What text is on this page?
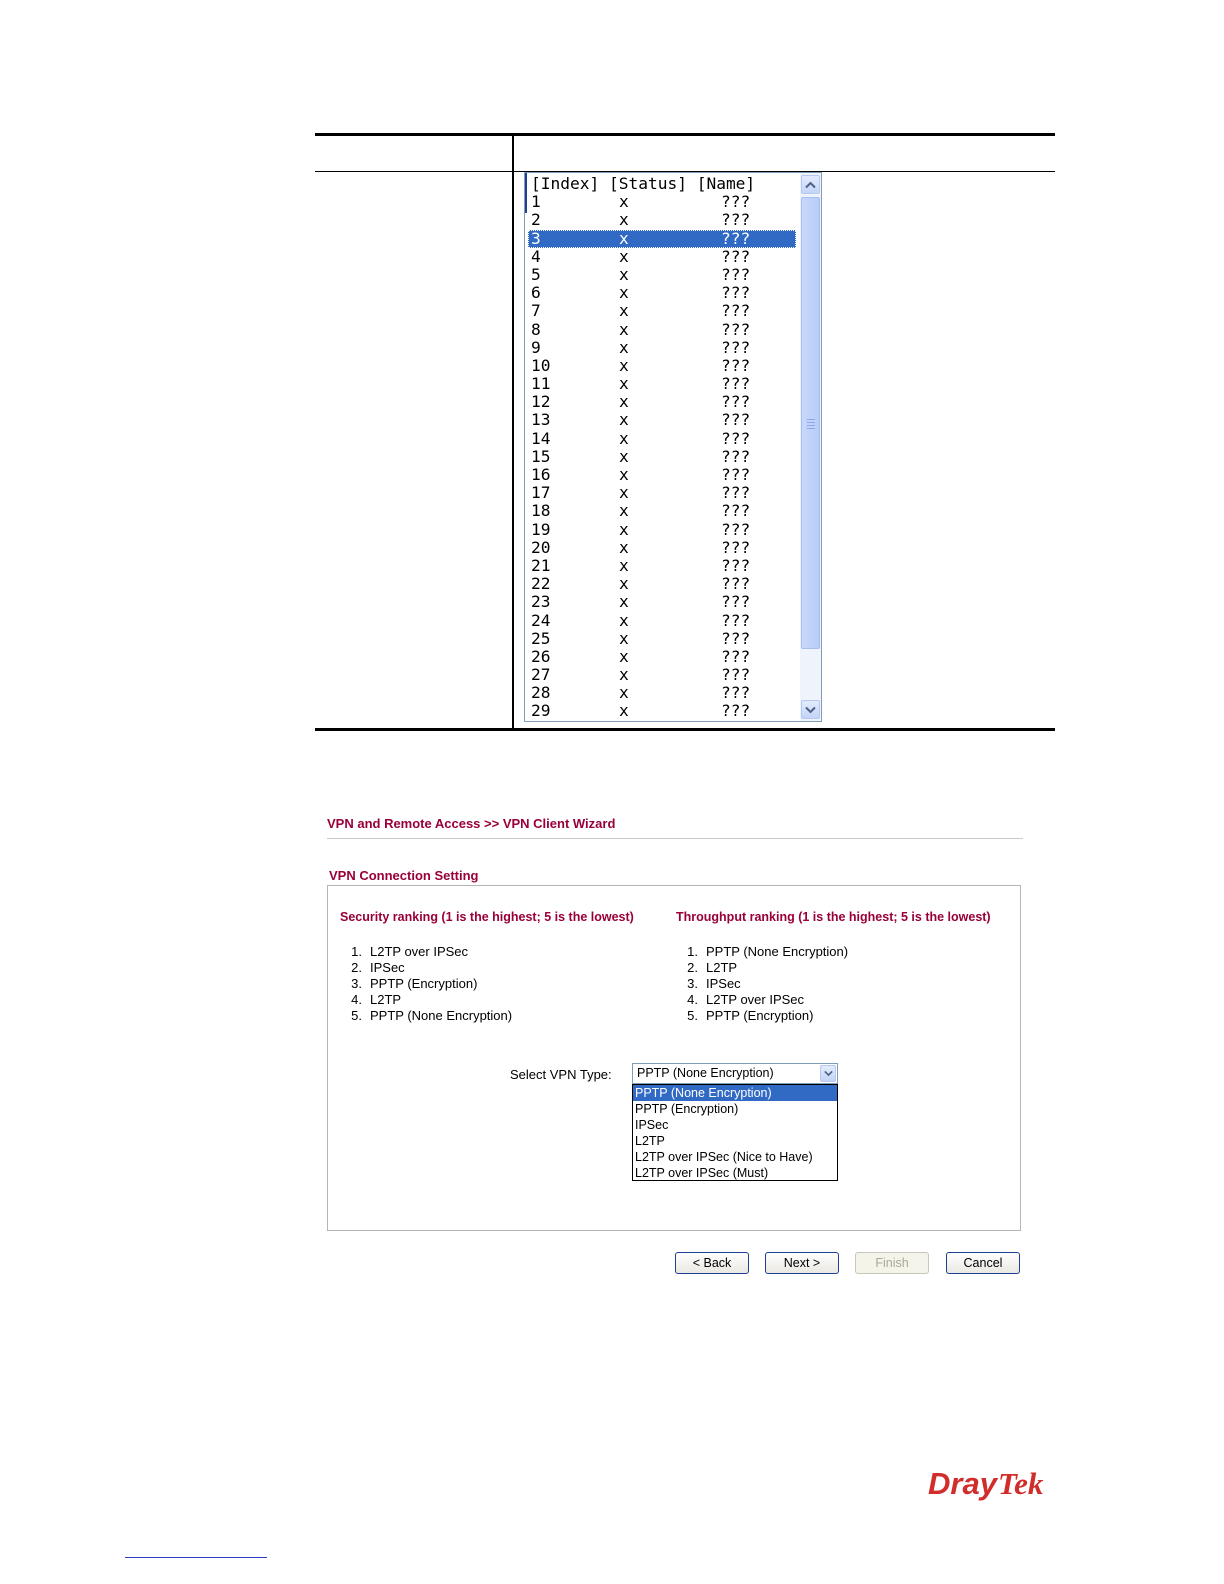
[Index] [Status] [Name]
1	x	???
2	x	???
3	x	???
4	x	???
5	x	???
6	x	???
7	x	???
8	x	???
9	x	???
10	x	???
11	x	???
12	x	???
13	x	???
14	x	???
15	x	???
16	x	???
17	x	???
18	x	???
19	x	???
20	x	???
21	x	???
22	x	???
23	x	???
24	x	???
25	x	???
26	x	???
27	x	???
28	x	???
29	x	???
VPN and Remote Access >> VPN Client Wizard
VPN Connection Setting
Security ranking (1 is the highest; 5 is the lowest)
1. L2TP over IPSec
2. IPSec
3. PPTP (Encryption)
4. L2TP
5. PPTP (None Encryption)
Throughput ranking (1 is the highest; 5 is the lowest)
1. PPTP (None Encryption)
2. L2TP
3. IPSec
4. L2TP over IPSec
5. PPTP (Encryption)
Select VPN Type: PPTP (None Encryption)
PPTP (None Encryption)
PPTP (Encryption)
IPSec
L2TP
L2TP over IPSec (Nice to Have)
L2TP over IPSec (Must)
< Back	Next >	Finish	Cancel
Dray Tek
